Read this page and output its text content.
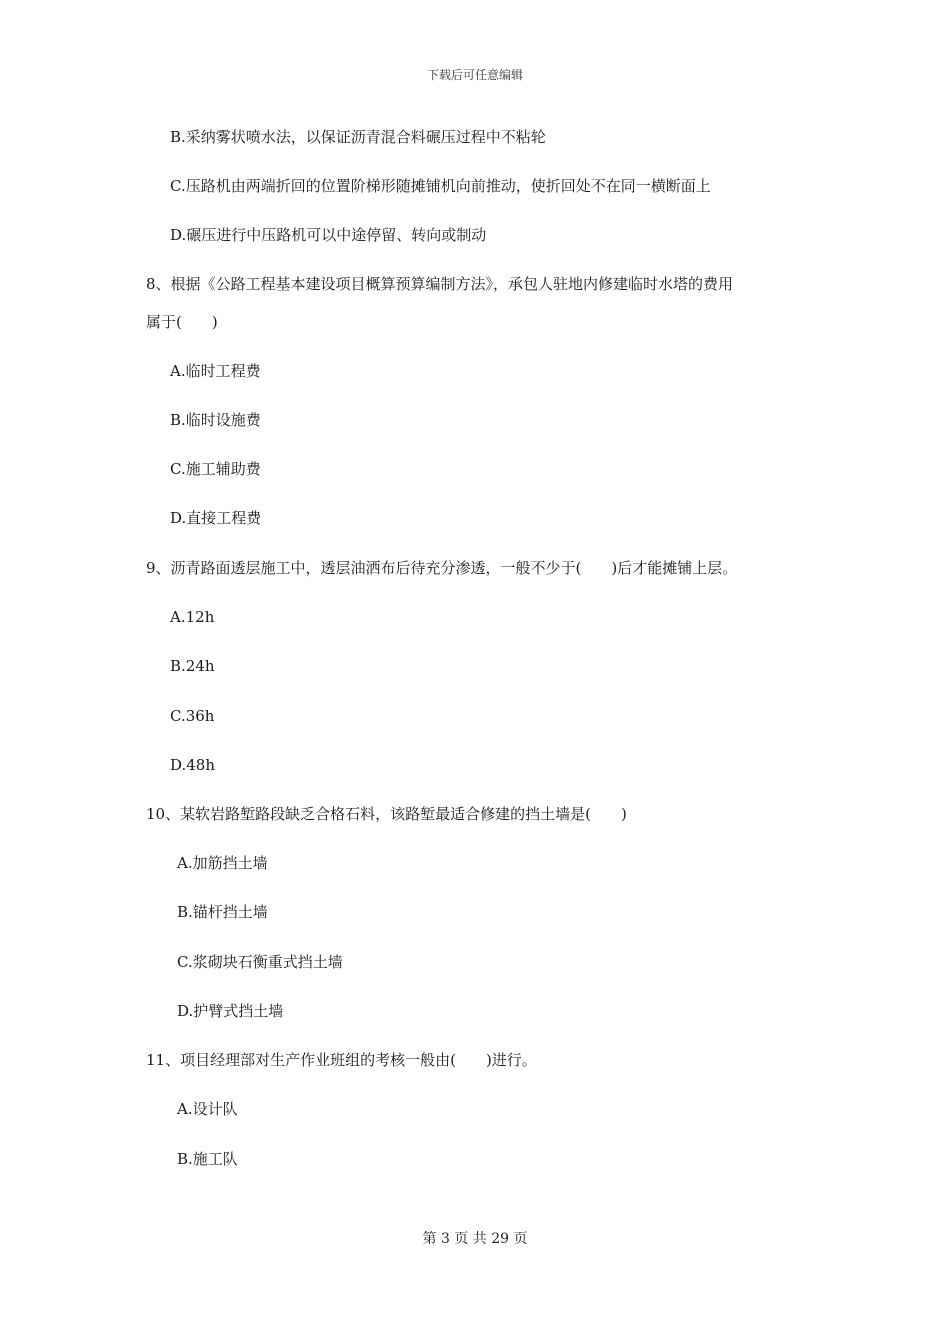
下载后可任意编辑
B.采纳雾状喷水法，以保证沥青混合料碾压过程中不粘轮
C.压路机由两端折回的位置阶梯形随摊铺机向前推动，使折回处不在同一横断面上
D.碾压进行中压路机可以中途停留、转向或制动
8、根据《公路工程基本建设项目概算预算编制方法》，承包人驻地内修建临时水塔的费用
属于(　　)
A.临时工程费
B.临时设施费
C.施工辅助费
D.直接工程费
9、沥青路面透层施工中，透层油洒布后待充分渗透，一般不少于(　　)后才能摊铺上层。
A.12h
B.24h
C.36h
D.48h
10、某软岩路堑路段缺乏合格石料，该路堑最适合修建的挡土墙是(　　)
A.加筋挡土墙
B.锚杆挡土墙
C.浆砌块石衡重式挡土墙
D.护臂式挡土墙
11、项目经理部对生产作业班组的考核一般由(　　)进行。
A.设计队
B.施工队
第 3 页 共 29 页
